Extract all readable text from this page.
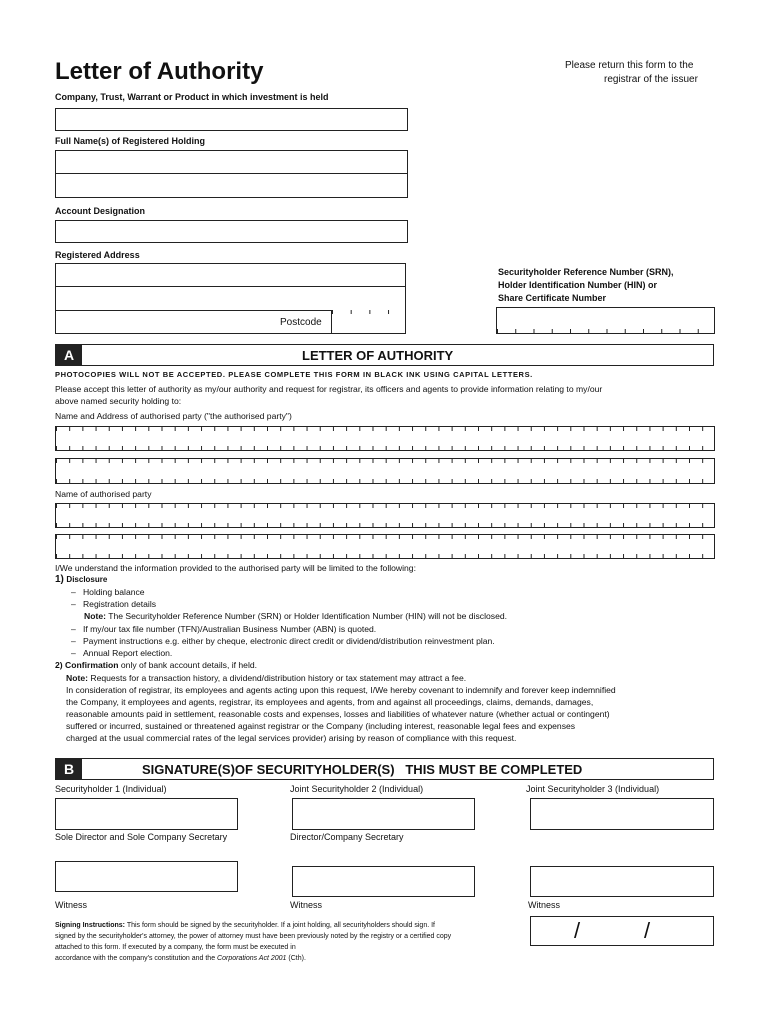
Letter of Authority	Please return this form to the
registrar of the issuer
Company, Trust, Warrant or Product in which investment is held
Full Name(s) of Registered Holding
Account Designation
Registered Address
Postcode
Securityholder Reference Number (SRN),
Holder Identification Number (HIN) or
Share Certificate Number
A	LETTER OF AUTHORITY
PHOTOCOPIES WILL NOT BE ACCEPTED. PLEASE COMPLETE THIS FORM IN BLACK INK USING CAPITAL LETTERS.
Please accept this letter of authority as my/our authority and request for registrar, its officers and agents to provide information relating to my/our
above named security holding to:
Name and Address of authorised party ("the authorised party")
Name of authorised party
I/We understand the information provided to the authorised party will be limited to the following:
1) Disclosure
–   Holding balance
–   Registration details
Note: The Securityholder Reference Number (SRN) or Holder Identification Number (HIN) will not be disclosed.
–   If my/our tax file number (TFN)/Australian Business Number (ABN) is quoted.
–   Payment instructions e.g. either by cheque, electronic direct credit or dividend/distribution reinvestment plan.
–   Annual Report election.
2) Confirmation only of bank account details, if held.
Note: Requests for a transaction history, a dividend/distribution history or tax statement may attract a fee.
In consideration of registrar, its employees and agents acting upon this request, I/We hereby covenant to indemnify and forever keep indemnified
the Company, it employees and agents, registrar, its employees and agents, from and against all proceedings, claims, demands, damages,
reasonable amounts paid in settlement, reasonable costs and expenses, losses and liabilities of whatever nature (whether actual or contingent)
suffered or incurred, sustained or threatened against registrar or the Company (including interest, reasonable legal fees and expenses
charged at the usual commercial rates of the legal services provider) arising by reason of compliance with this request.
B	SIGNATURE(S)OF SECURITYHOLDER(S)   THIS MUST BE COMPLETED
Securityholder 1 (Individual)	Joint Securityholder 2 (Individual)	Joint Securityholder 3 (Individual)
Sole Director and Sole Company Secretary	Director/Company Secretary
Witness	Witness	Witness
Signing Instructions: This form should be signed by the securityholder. If a joint holding, all securityholders should sign. If
signed by the securityholder's attorney, the power of attorney must have been previously noted by the registry or a certified copy
attached to this form. If executed by a company, the form must be executed in
accordance with the company's constitution and the Corporations Act 2001 (Cth).
/	/
